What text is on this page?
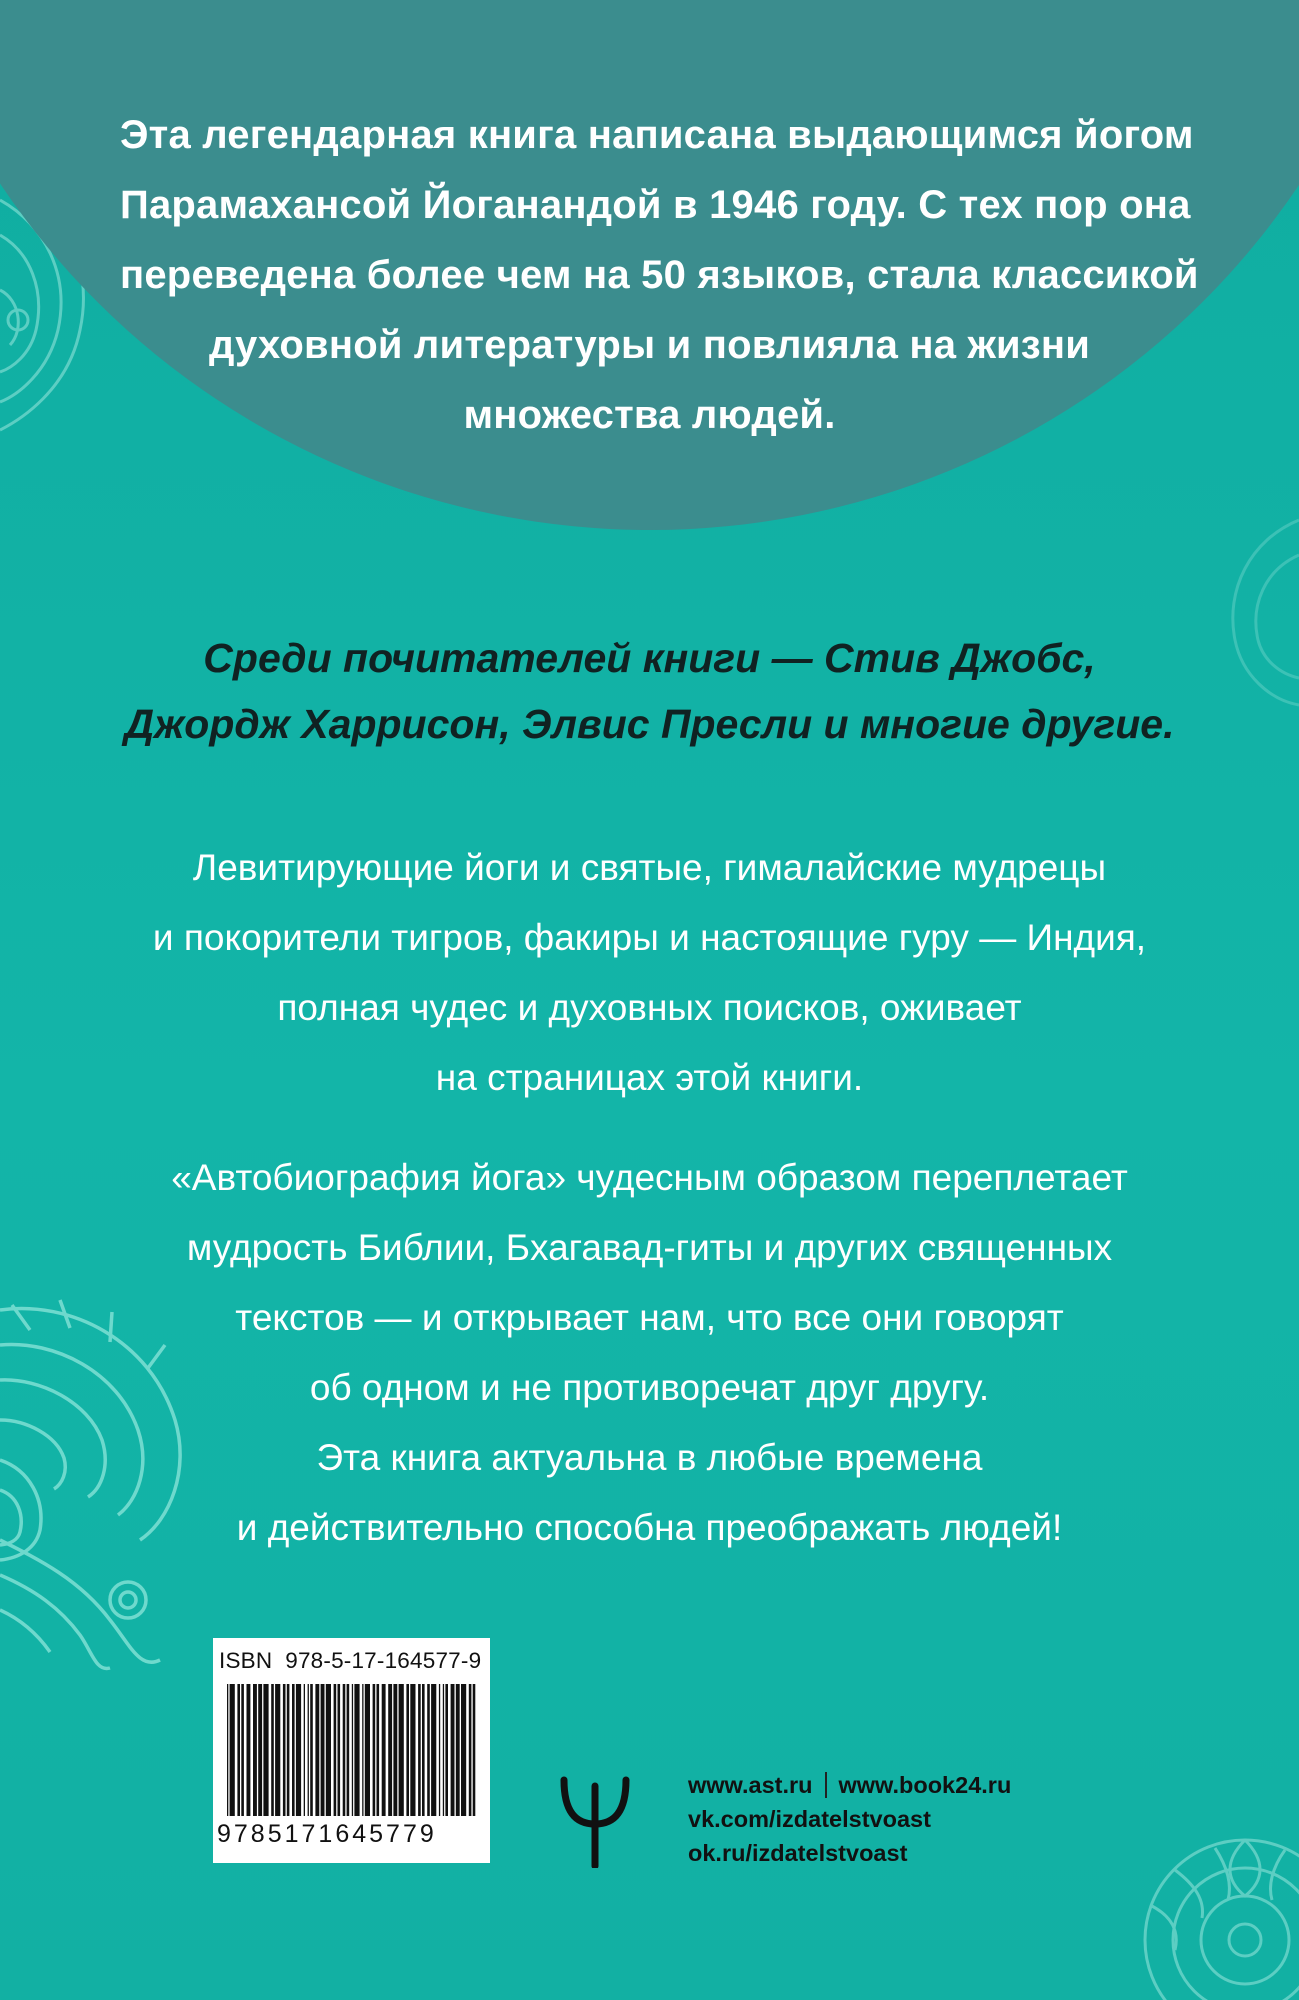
Эта легендарная книга написана выдающимся йогом
Парамахансой Йоганандой в 1946 году. С тех пор она
переведена более чем на 50 языков, стала классикой
духовной литературы и повлияла на жизни
множества людей.
Среди почитателей книги — Стив Джобс,
Джордж Харрисон, Элвис Пресли и многие другие.
Левитирующие йоги и святые, гималайские мудрецы
и покорители тигров, факиры и настоящие гуру — Индия,
полная чудес и духовных поисков, оживает
на страницах этой книги.
«Автобиография йога» чудесным образом переплетает
мудрость Библии, Бхагавад-гиты и других священных
текстов — и открывает нам, что все они говорят
об одном и не противоречат друг другу.
Эта книга актуальна в любые времена
и действительно способна преображать людей!
ISBN 978-5-17-164577-9
9785171645779
www.ast.ru www.book24.ru
vk.com/izdatelstvoast
ok.ru/izdatelstvoast
